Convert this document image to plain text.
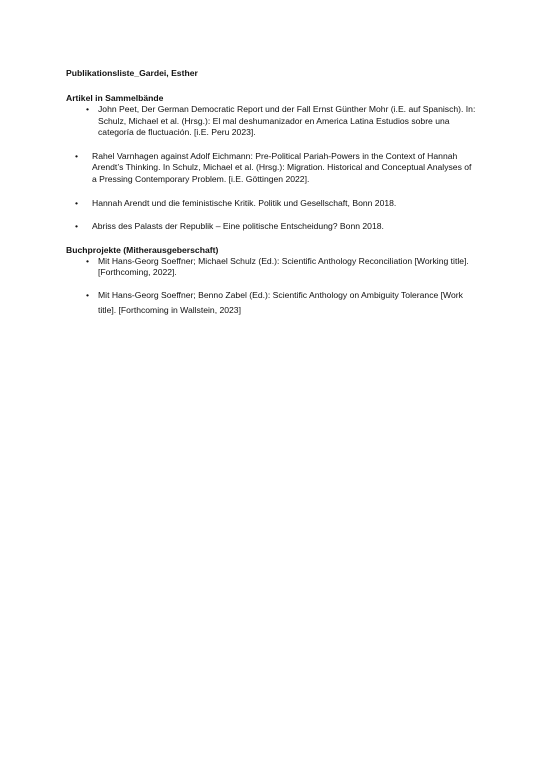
Publikationsliste_Gardei, Esther

Artikel in Sammelbände

• John Peet, Der German Democratic Report und der Fall Ernst Günther Mohr (i.E. auf Spanisch). In: Schulz, Michael et al. (Hrsg.): El mal deshumanizador en America Latina Estudios sobre una categoría de fluctuación. [i.E. Peru 2023].
• Rahel Varnhagen against Adolf Eichmann: Pre-Political Pariah-Powers in the Context of Hannah Arendt’s Thinking. In Schulz, Michael et al. (Hrsg.): Migration. Historical and Conceptual Analyses of a Pressing Contemporary Problem. [i.E. Göttingen 2022].
• Hannah Arendt und die feministische Kritik. Politik und Gesellschaft, Bonn 2018.
• Abriss des Palasts der Republik – Eine politische Entscheidung? Bonn 2018.

Buchprojekte (Mitherausgeberschaft)

• Mit Hans-Georg Soeffner; Michael Schulz (Ed.): Scientific Anthology Reconciliation [Working title]. [Forthcoming, 2022].
• Mit Hans-Georg Soeffner; Benno Zabel (Ed.): Scientific Anthology on Ambiguity Tolerance [Work title]. [Forthcoming in Wallstein, 2023]
